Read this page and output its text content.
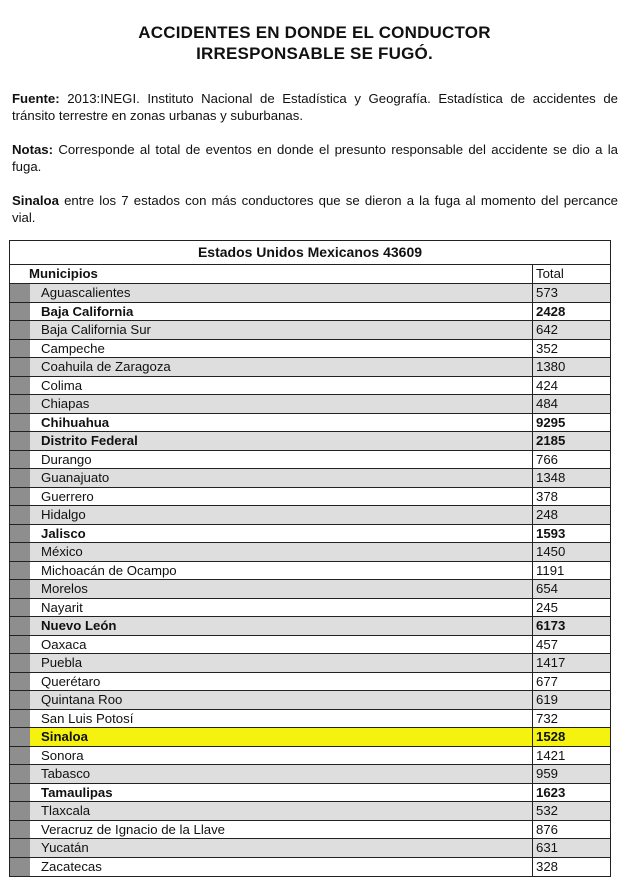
ACCIDENTES EN DONDE EL CONDUCTOR
IRRESPONSABLE SE FUGÓ.
Fuente: 2013:INEGI. Instituto Nacional de Estadística y Geografía. Estadística de accidentes de tránsito terrestre en zonas urbanas y suburbanas.
Notas: Corresponde al total de eventos en donde el presunto responsable del accidente se dio a la fuga.
Sinaloa entre los 7 estados con más conductores que se dieron a la fuga al momento del percance vial.
Estados Unidos Mexicanos 43609
Municipios	Total
Aguascalientes	573
Baja California	2428
Baja California Sur	642
Campeche	352
Coahuila de Zaragoza	1380
Colima	424
Chiapas	484
Chihuahua	9295
Distrito Federal	2185
Durango	766
Guanajuato	1348
Guerrero	378
Hidalgo	248
Jalisco	1593
México	1450
Michoacán de Ocampo	1191
Morelos	654
Nayarit	245
Nuevo León	6173
Oaxaca	457
Puebla	1417
Querétaro	677
Quintana Roo	619
San Luis Potosí	732
Sinaloa	1528
Sonora	1421
Tabasco	959
Tamaulipas	1623
Tlaxcala	532
Veracruz de Ignacio de la Llave	876
Yucatán	631
Zacatecas	328
